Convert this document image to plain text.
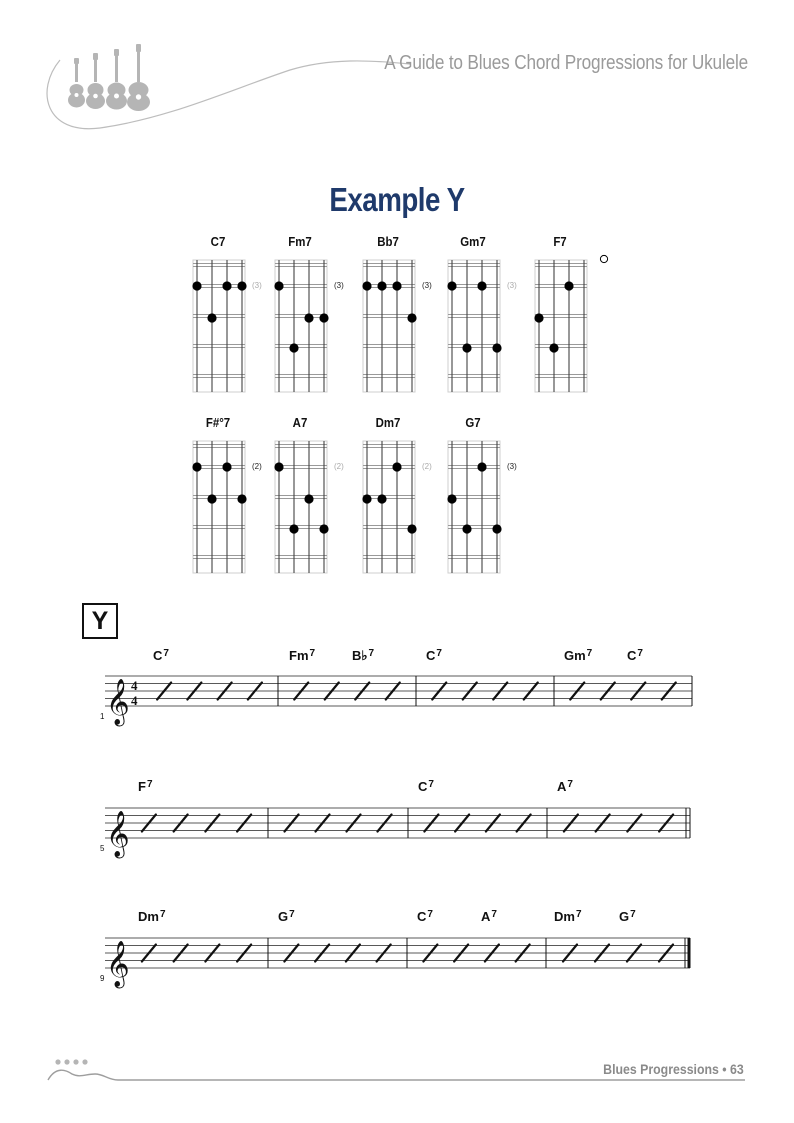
A Guide to Blues Chord Progressions for Ukulele
Example Y
C7
(3)
Fm7
(3)
Bb7
(3)
Gm7
(3)
F7
F#°7
(2)
A7
(2)
Dm7
(2)
G7
(3)
Y
𝄞 4
4
1
$C^7$	Fm$^7$	B♭$^7$	$C^7$	Gm$^7$	$C^7$
𝄞
5
$F^7$	$C^7$	$A^7$
𝄞
9
Dm$^7$	$G^7$	$C^7$	$A^7$	Dm$^7$	$G^7$
Blues Progressions • 63
